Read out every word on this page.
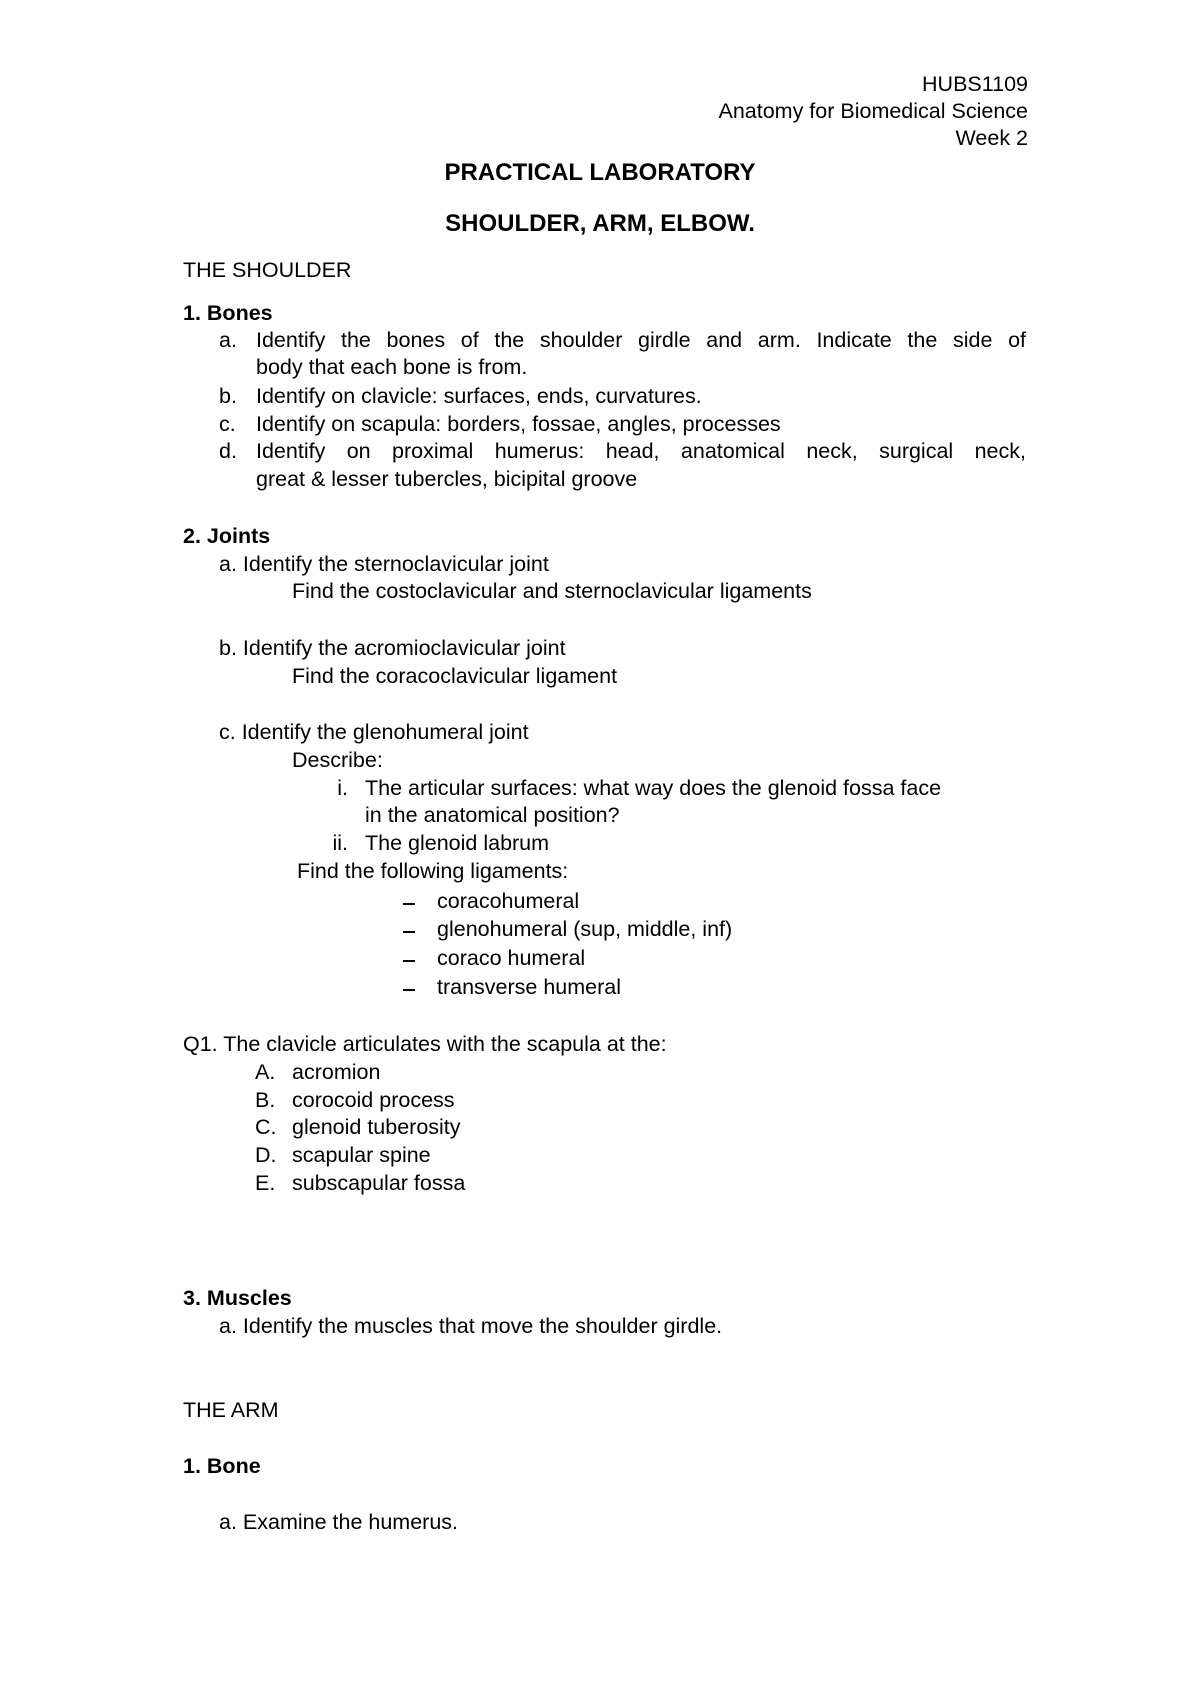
HUBS1109
Anatomy for Biomedical Science
Week 2
PRACTICAL LABORATORY
SHOULDER, ARM, ELBOW.
THE SHOULDER
1. Bones
a. Identify the bones of the shoulder girdle and arm. Indicate the side of
body that each bone is from.
b. Identify on clavicle: surfaces, ends, curvatures.
c. Identify on scapula: borders, fossae, angles, processes
d. Identify on proximal humerus: head, anatomical neck, surgical neck,
great & lesser tubercles, bicipital groove
2. Joints
a. Identify the sternoclavicular joint
Find the costoclavicular and sternoclavicular ligaments
b. Identify the acromioclavicular joint
Find the coracoclavicular ligament
c. Identify the glenohumeral joint
Describe:
i. The articular surfaces: what way does the glenoid fossa face
in the anatomical position?
ii. The glenoid labrum
Find the following ligaments:
coracohumeral
glenohumeral (sup, middle, inf)
coraco humeral
transverse humeral
Q1. The clavicle articulates with the scapula at the:
A. acromion
B. corocoid process
C. glenoid tuberosity
D. scapular spine
E. subscapular fossa
3. Muscles
a. Identify the muscles that move the shoulder girdle.
THE ARM
1. Bone
a. Examine the humerus.
